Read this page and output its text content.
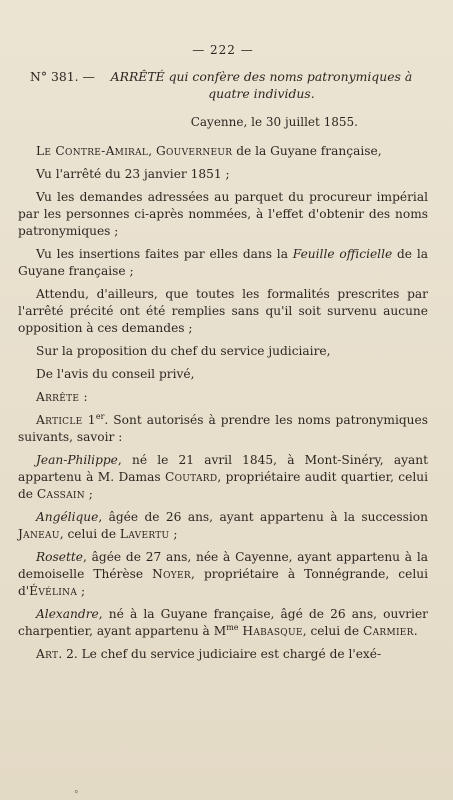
— 222 —
N° 381. —	ARRÊTÉ qui confère des noms patronymiques à quatre individus.
Cayenne, le 30 juillet 1855.

Le Contre-Amiral, Gouverneur de la Guyane française,

Vu l'arrêté du 23 janvier 1851 ;

Vu les demandes adressées au parquet du procureur impérial par les personnes ci-après nommées, à l'effet d'obtenir des noms patronymiques ;

Vu les insertions faites par elles dans la Feuille officielle de la Guyane française ;

Attendu, d'ailleurs, que toutes les formalités prescrites par l'arrêté précité ont été remplies sans qu'il soit survenu aucune opposition à ces demandes ;

Sur la proposition du chef du service judiciaire,

De l'avis du conseil privé,

Arrête :

Article 1er. Sont autorisés à prendre les noms patronymiques suivants, savoir :

Jean-Philippe, né le 21 avril 1845, à Mont-Sinéry, ayant appartenu à M. Damas Coutard, propriétaire audit quartier, celui de Cassain ;

Angélique, âgée de 26 ans, ayant appartenu à la succession Janeau, celui de Lavertu ;

Rosette, âgée de 27 ans, née à Cayenne, ayant appartenu à la demoiselle Thérèse Noyer, propriétaire à Tonnégrande, celui d'Évélina ;

Alexandre, né à la Guyane française, âgé de 26 ans, ouvrier charpentier, ayant appartenu à $M^{me}$ Habasque, celui de Carmier.

Art. 2. Le chef du service judiciaire est chargé de l'exé-

°
